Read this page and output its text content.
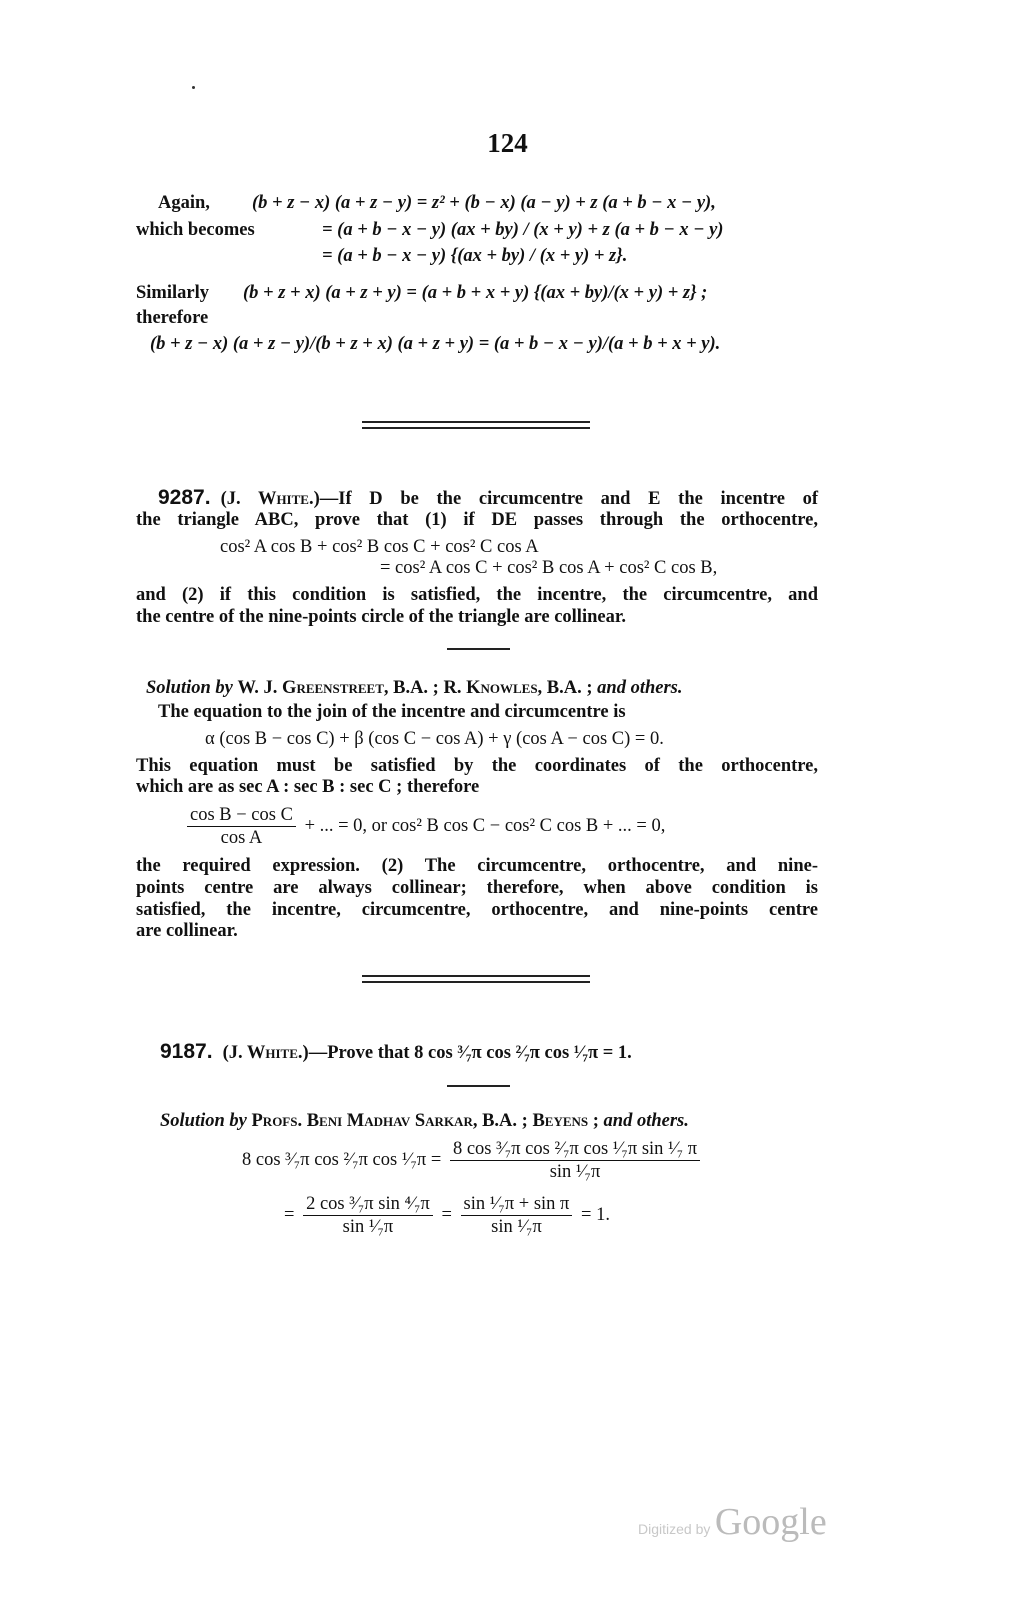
124
Again, (b + z − x) (a + z − y) = z² + (b − x) (a − y) + z (a + b − x − y),
which becomes	= (a + b − x − y) (ax + by) / (x + y) + z (a + b − x − y)
= (a + b − x − y) {(ax + by) / (x + y) + z}.
Similarly (b + z + x) (a + z + y) = (a + b + x + y) {(ax + by)/(x + y) + z} ;
therefore
(b + z − x) (a + z − y)/(b + z + x) (a + z + y) = (a + b − x − y)/(a + b + x + y).
9287. (J. White.)—If D be the circumcentre and E the incentre of
the triangle ABC, prove that (1) if DE passes through the orthocentre,
cos² A cos B + cos² B cos C + cos² C cos A
= cos² A cos C + cos² B cos A + cos² C cos B,
and (2) if this condition is satisfied, the incentre, the circumcentre, and
the centre of the nine-points circle of the triangle are collinear.
Solution by W. J. Greenstreet, B.A. ; R. Knowles, B.A. ; and others.
The equation to the join of the incentre and circumcentre is
α (cos B − cos C) + β (cos C − cos A) + γ (cos A − cos C) = 0.
This equation must be satisfied by the coordinates of the orthocentre,
which are as sec A : sec B : sec C ; therefore
$\frac{\text{cos B − cos C}}{\text{cos A}}$ + ... = 0, or cos² B cos C − cos² C cos B + ... = 0,
the required expression. (2) The circumcentre, orthocentre, and nine-
points centre are always collinear; therefore, when above condition is
satisfied, the incentre, circumcentre, orthocentre, and nine-points centre
are collinear.
9187. (J. White.)—Prove that 8 cos ³⁄₇π cos ²⁄₇π cos ¹⁄₇π = 1.
Solution by Profs. Beni Madhav Sarkar, B.A. ; Beyens ; and others.
8 cos ³⁄₇π cos ²⁄₇π cos ¹⁄₇π = $\frac{\text{8 cos ³⁄₇π cos ²⁄₇π cos ¹⁄₇π sin ¹⁄₇ π}}{\text{sin ¹⁄₇π}}$
= $\frac{\text{2 cos ³⁄₇π sin ⁴⁄₇π}}{\text{sin ¹⁄₇π}} = \frac{\text{sin ¹⁄₇π + sin π}}{\text{sin ¹⁄₇π}} = 1$.
Digitized by Google
